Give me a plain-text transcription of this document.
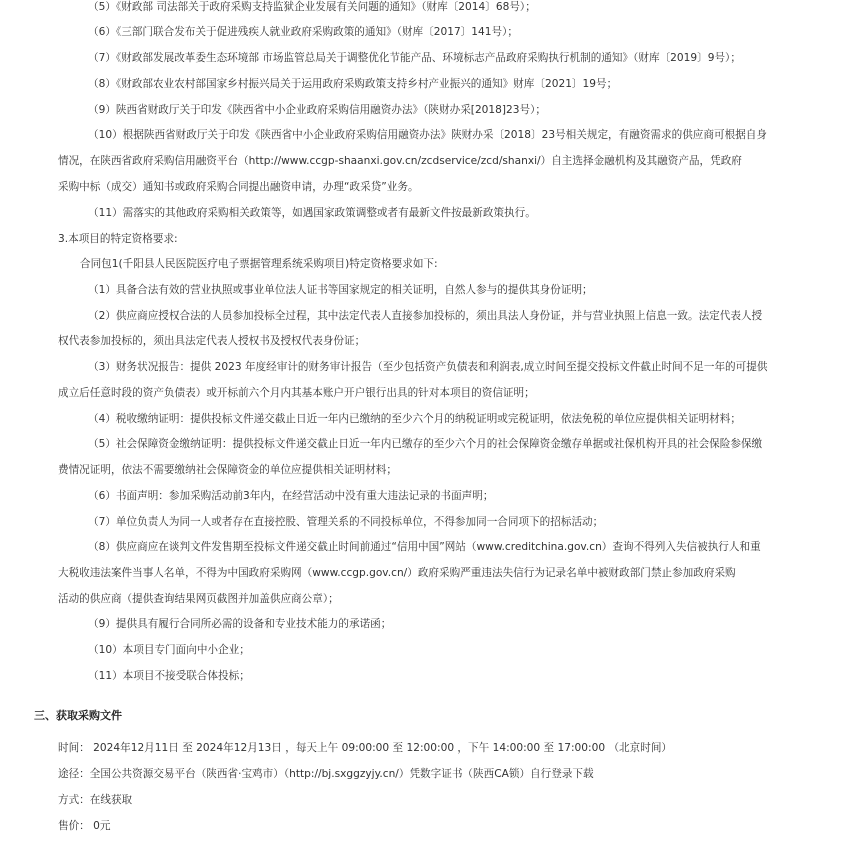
（5）《财政部 司法部关于政府采购支持监狱企业发展有关问题的通知》（财库〔2014〕68号）；
（6）《三部门联合发布关于促进残疾人就业政府采购政策的通知》（财库〔2017〕141号）；
（7）《财政部发展改革委生态环境部 市场监管总局关于调整优化节能产品、环境标志产品政府采购执行机制的通知》（财库〔2019〕9号）；
（8）《财政部农业农村部国家乡村振兴局关于运用政府采购政策支持乡村产业振兴的通知》财库〔2021〕19号；
（9）陕西省财政厅关于印发《陕西省中小企业政府采购信用融资办法》（陕财办采[2018]23号）；
（10）根据陕西省财政厅关于印发《陕西省中小企业政府采购信用融资办法》陕财办采〔2018〕23号相关规定，有融资需求的供应商可根据自身
情况，在陕西省政府采购信用融资平台（http://www.ccgp-shaanxi.gov.cn/zcdservice/zcd/shanxi/）自主选择金融机构及其融资产品，凭政府
采购中标（成交）通知书或政府采购合同提出融资申请，办理“政采贷”业务。
（11）需落实的其他政府采购相关政策等，如遇国家政策调整或者有最新文件按最新政策执行。
3.本项目的特定资格要求:
合同包1(千阳县人民医院医疗电子票据管理系统采购项目)特定资格要求如下:
（1）具备合法有效的营业执照或事业单位法人证书等国家规定的相关证明，自然人参与的提供其身份证明；
（2）供应商应授权合法的人员参加投标全过程，其中法定代表人直接参加投标的，须出具法人身份证，并与营业执照上信息一致。法定代表人授
权代表参加投标的，须出具法定代表人授权书及授权代表身份证；
（3）财务状况报告：提供 2023 年度经审计的财务审计报告（至少包括资产负债表和利润表,成立时间至提交投标文件截止时间不足一年的可提供
成立后任意时段的资产负债表）或开标前六个月内其基本账户开户银行出具的针对本项目的资信证明；
（4）税收缴纳证明：提供投标文件递交截止日近一年内已缴纳的至少六个月的纳税证明或完税证明，依法免税的单位应提供相关证明材料；
（5）社会保障资金缴纳证明：提供投标文件递交截止日近一年内已缴存的至少六个月的社会保障资金缴存单据或社保机构开具的社会保险参保缴
费情况证明，依法不需要缴纳社会保障资金的单位应提供相关证明材料；
（6）书面声明：参加采购活动前3年内，在经营活动中没有重大违法记录的书面声明；
（7）单位负责人为同一人或者存在直接控股、管理关系的不同投标单位，不得参加同一合同项下的招标活动；
（8）供应商应在谈判文件发售期至投标文件递交截止时间前通过“信用中国”网站（www.creditchina.gov.cn）查询不得列入失信被执行人和重
大税收违法案件当事人名单，不得为中国政府采购网（www.ccgp.gov.cn/）政府采购严重违法失信行为记录名单中被财政部门禁止参加政府采购
活动的供应商（提供查询结果网页截图并加盖供应商公章）；
（9）提供具有履行合同所必需的设备和专业技术能力的承诺函；
（10）本项目专门面向中小企业；
（11）本项目不接受联合体投标；
三、获取采购文件
时间： 2024年12月11日 至 2024年12月13日 ，每天上午 09:00:00 至 12:00:00 ，下午 14:00:00 至 17:00:00 （北京时间）
途径：全国公共资源交易平台（陕西省·宝鸡市）（http://bj.sxggzyjy.cn/）凭数字证书（陕西CA锁）自行登录下载
方式：在线获取
售价： 0元
